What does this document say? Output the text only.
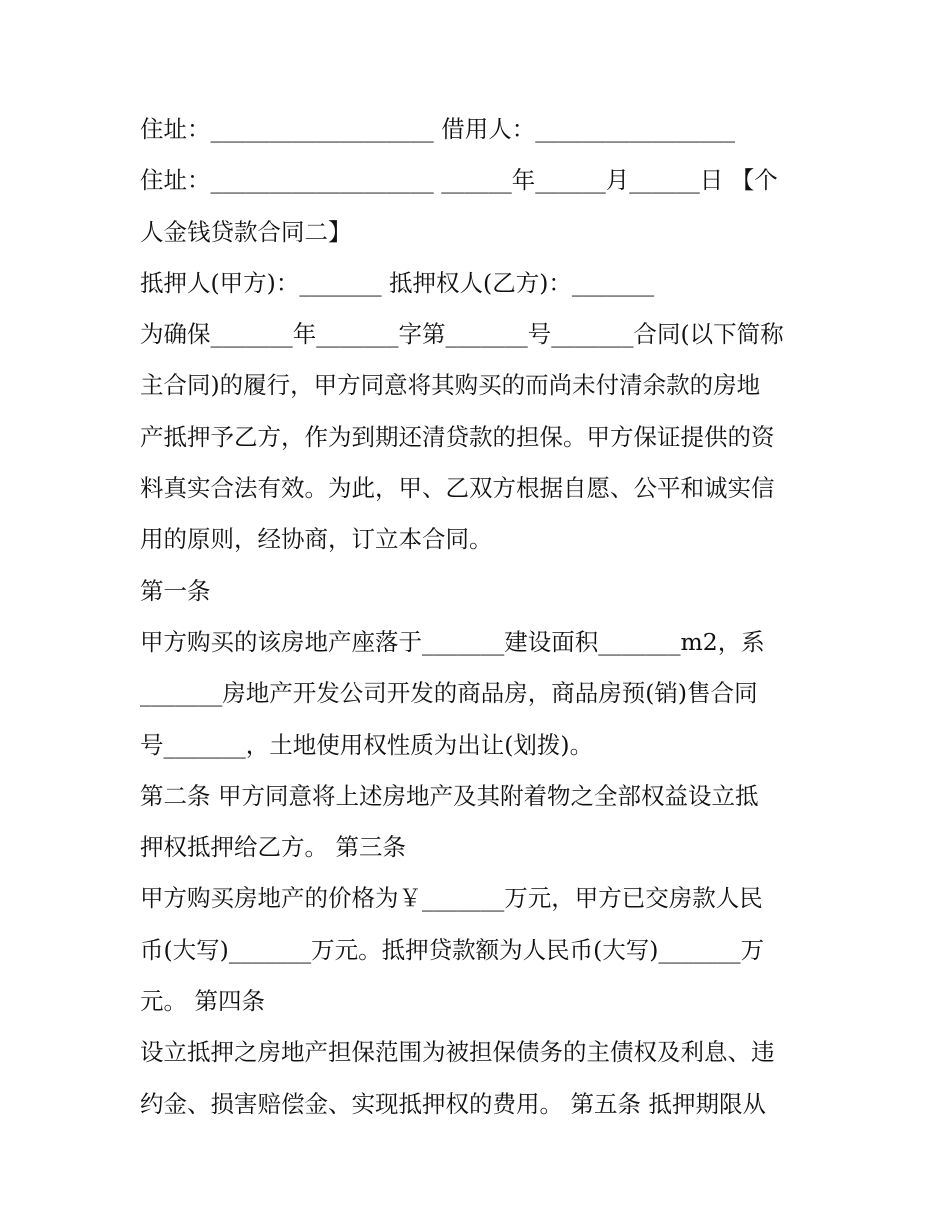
住址：___________________ 借用人：_________________
住址：___________________ ______年______月______日 【个
人金钱贷款合同二】
抵押人(甲方)：_______ 抵押权人(乙方)：_______
为确保_______年_______字第_______号_______合同(以下简称
主合同)的履行，甲方同意将其购买的而尚未付清余款的房地
产抵押予乙方，作为到期还清贷款的担保。甲方保证提供的资
料真实合法有效。为此，甲、乙双方根据自愿、公平和诚实信
用的原则，经协商，订立本合同。
第一条
甲方购买的该房地产座落于_______建设面积_______m2，系
_______房地产开发公司开发的商品房，商品房预(销)售合同
号_______，土地使用权性质为出让(划拨)。
第二条 甲方同意将上述房地产及其附着物之全部权益设立抵
押权抵押给乙方。 第三条
甲方购买房地产的价格为￥_______万元，甲方已交房款人民
币(大写)_______万元。抵押贷款额为人民币(大写)_______万
元。 第四条
设立抵押之房地产担保范围为被担保债务的主债权及利息、违
约金、损害赔偿金、实现抵押权的费用。 第五条 抵押期限从
